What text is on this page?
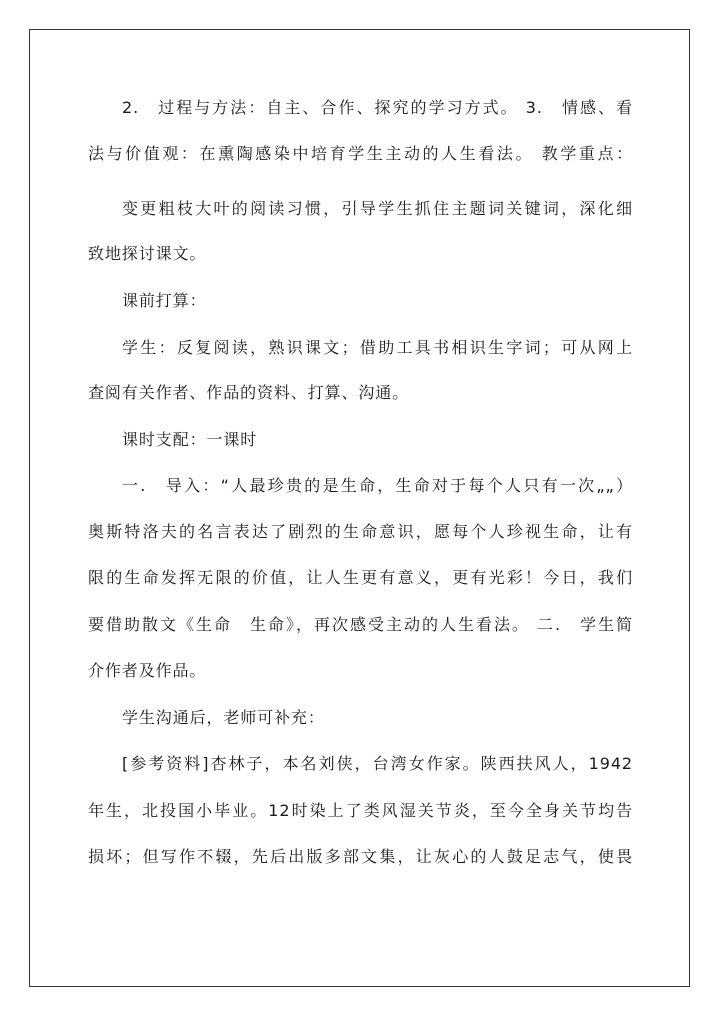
2.　过程与方法：自主、合作、探究的学习方式。 3.　情感、看
法与价值观：在熏陶感染中培育学生主动的人生看法。 教学重点：
变更粗枝大叶的阅读习惯，引导学生抓住主题词关键词，深化细
致地探讨课文。
课前打算：
学生：反复阅读，熟识课文；借助工具书相识生字词；可从网上
查阅有关作者、作品的资料、打算、沟通。
课时支配：一课时
一.　导入：“人最珍贵的是生命，生命对于每个人只有一次„„）
奥斯特洛夫的名言表达了剧烈的生命意识，愿每个人珍视生命，让有
限的生命发挥无限的价值，让人生更有意义，更有光彩！今日，我们
要借助散文《生命　生命》，再次感受主动的人生看法。 二.　学生简
介作者及作品。
学生沟通后，老师可补充：
[参考资料]杏林子，本名刘侠，台湾女作家。陕西扶风人，1942
年生，北投国小毕业。12时染上了类风湿关节炎，至今全身关节均告
损坏；但写作不辍，先后出版多部文集，让灰心的人鼓足志气，使畏
